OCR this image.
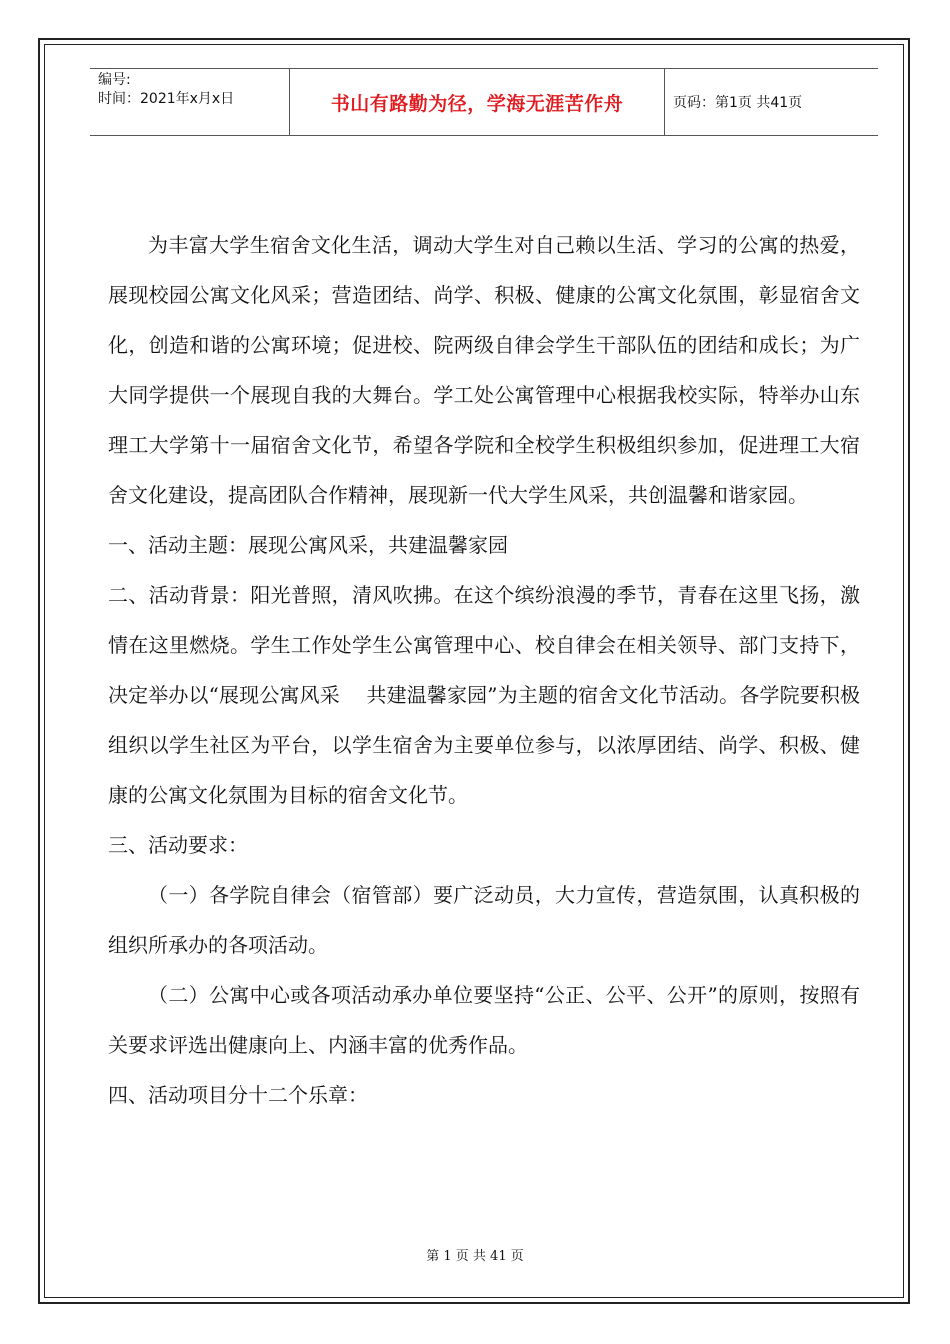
编号:
时间：2021年x月x日	书山有路勤为径，学海无涯苦作舟	页码：第1页 共41页

为丰富大学生宿舍文化生活，调动大学生对自己赖以生活、学习的公寓的热爱，展现校园公寓文化风采；营造团结、尚学、积极、健康的公寓文化氛围，彰显宿舍文化，创造和谐的公寓环境；促进校、院两级自律会学生干部队伍的团结和成长；为广大同学提供一个展现自我的大舞台。学工处公寓管理中心根据我校实际，特举办山东理工大学第十一届宿舍文化节，希望各学院和全校学生积极组织参加，促进理工大宿舍文化建设，提高团队合作精神，展现新一代大学生风采，共创温馨和谐家园。

一、活动主题：展现公寓风采，共建温馨家园

二、活动背景：阳光普照，清风吹拂。在这个缤纷浪漫的季节，青春在这里飞扬，激情在这里燃烧。学生工作处学生公寓管理中心、校自律会在相关领导、部门支持下，决定举办以“展现公寓风采　 共建温馨家园”为主题的宿舍文化节活动。各学院要积极组织以学生社区为平台，以学生宿舍为主要单位参与，以浓厚团结、尚学、积极、健康的公寓文化氛围为目标的宿舍文化节。

三、活动要求：

（一）各学院自律会（宿管部）要广泛动员，大力宣传，营造氛围，认真积极的组织所承办的各项活动。

（二）公寓中心或各项活动承办单位要坚持“公正、公平、公开”的原则，按照有关要求评选出健康向上、内涵丰富的优秀作品。

四、活动项目分十二个乐章：

第 1 页 共 41 页
